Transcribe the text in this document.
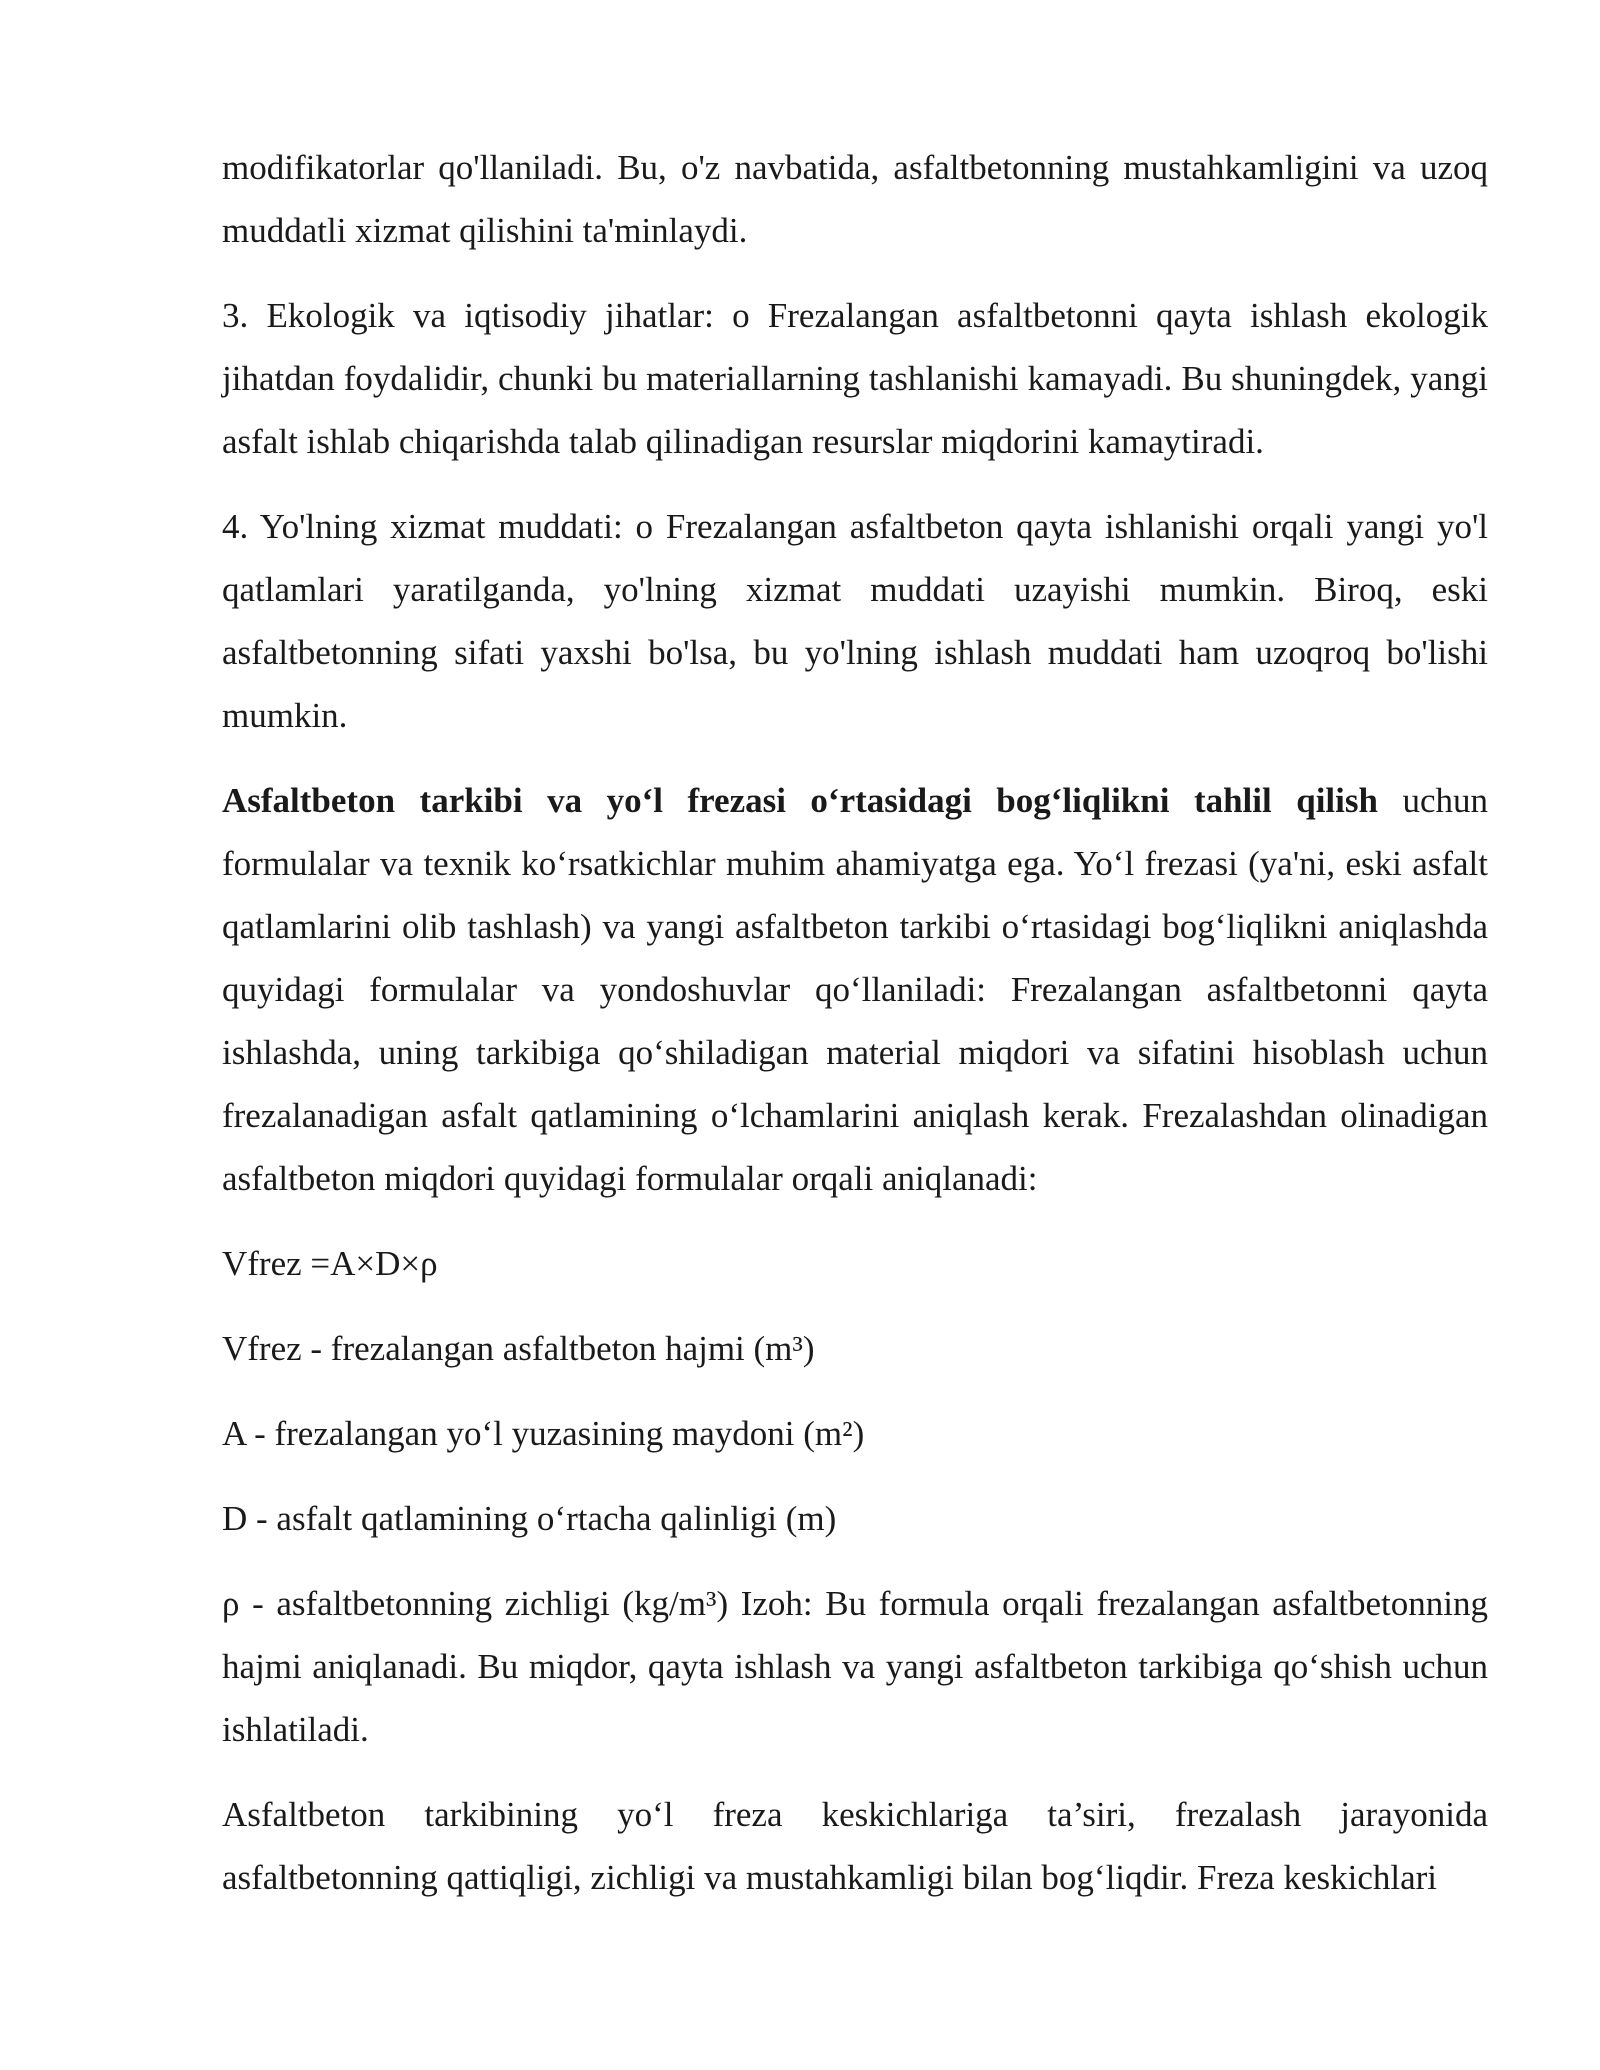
modifikatorlar qo'llaniladi. Bu, o'z navbatida, asfaltbetonning mustahkamligini va uzoq muddatli xizmat qilishini ta'minlaydi.

3. Ekologik va iqtisodiy jihatlar: o Frezalangan asfaltbetonni qayta ishlash ekologik jihatdan foydalidir, chunki bu materiallarning tashlanishi kamayadi. Bu shuningdek, yangi asfalt ishlab chiqarishda talab qilinadigan resurslar miqdorini kamaytiradi.

4. Yo'lning xizmat muddati: o Frezalangan asfaltbeton qayta ishlanishi orqali yangi yo'l qatlamlari yaratilganda, yo'lning xizmat muddati uzayishi mumkin. Biroq, eski asfaltbetonning sifati yaxshi bo'lsa, bu yo'lning ishlash muddati ham uzoqroq bo'lishi mumkin.

Asfaltbeton tarkibi va yo‘l frezasi o‘rtasidagi bog‘liqlikni tahlil qilish uchun formulalar va texnik ko‘rsatkichlar muhim ahamiyatga ega. Yo‘l frezasi (ya'ni, eski asfalt qatlamlarini olib tashlash) va yangi asfaltbeton tarkibi o‘rtasidagi bog‘liqlikni aniqlashda quyidagi formulalar va yondoshuvlar qo‘llaniladi: Frezalangan asfaltbetonni qayta ishlashda, uning tarkibiga qo‘shiladigan material miqdori va sifatini hisoblash uchun frezalanadigan asfalt qatlamining o‘lchamlarini aniqlash kerak. Frezalashdan olinadigan asfaltbeton miqdori quyidagi formulalar orqali aniqlanadi:

Vfrez =A×D×ρ

Vfrez - frezalangan asfaltbeton hajmi (m³)

A - frezalangan yo‘l yuzasining maydoni (m²)

D - asfalt qatlamining o‘rtacha qalinligi (m)

ρ - asfaltbetonning zichligi (kg/m³) Izoh: Bu formula orqali frezalangan asfaltbetonning hajmi aniqlanadi. Bu miqdor, qayta ishlash va yangi asfaltbeton tarkibiga qo‘shish uchun ishlatiladi.

Asfaltbeton tarkibining yo‘l freza keskichlariga ta’siri, frezalash jarayonida asfaltbetonning qattiqligi, zichligi va mustahkamligi bilan bog‘liqdir. Freza keskichlari
